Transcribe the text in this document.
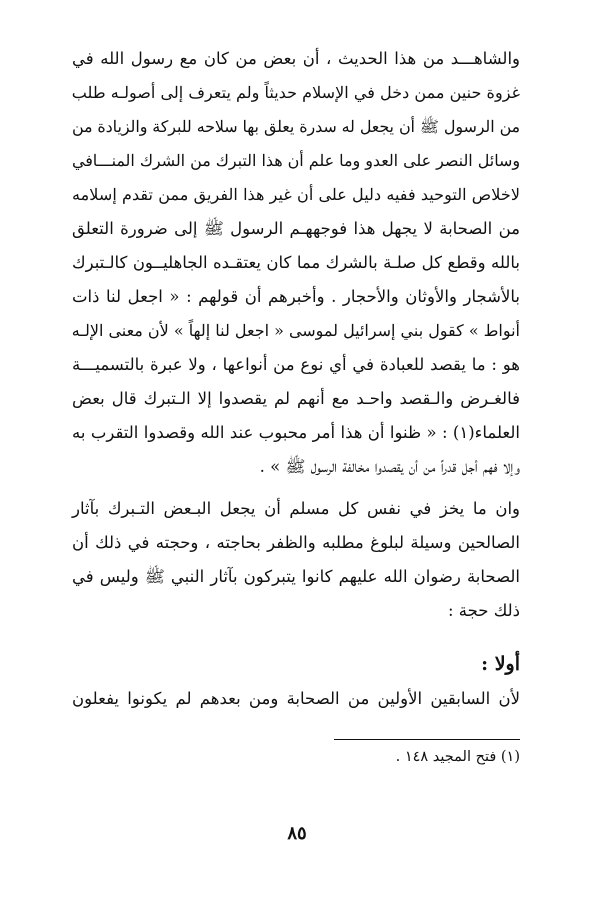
والشاهـــد من هذا الحديث ، أن بعض من كان مع رسول الله في
غزوة حنين ممن دخل في الإسلام حديثاً ولم يتعرف إلى أصولـه طلب
من الرسول ﷺ أن يجعل له سدرة يعلق بها سلاحه للبركة والزيادة من
وسائل النصر على العدو وما علم أن هذا التبرك من الشرك المنـــافي
لاخلاص التوحيد ففيه دليل على أن غير هذا الفريق ممن تقدم إسلامه
من الصحابة لا يجهل هذا فوجههـم الرسول ﷺ إلى ضرورة التعلق
بالله وقطع كل صلـة بالشرك مما كان يعتقـده الجاهليــون كالـتبرك
بالأشجار والأوثان والأحجار . وأخبرهم أن قولهم : « اجعل لنا ذات
أنواط » كقول بني إسرائيل لموسى « اجعل لنا إلهاً » لأن معنى الإلـه
هو : ما يقصد للعبادة في أي نوع من أنواعها ، ولا عبرة بالتسميـــة
فالغـرض والـقصد واحـد مع أنهم لم يقصدوا إلا الـتبرك قال بعض
العلماء(١) : « ظنوا أن هذا أمر محبوب عند الله وقصدوا التقرب به
وإلا فهم أجل قدراً من أن يقصدوا مخالفة الرسول ﷺ » .
وان ما يخز في نفس كل مسلم أن يجعل البـعض التـبرك بآثار
الصالحين وسيلة لبلوغ مطلبه والظفر بحاجته ، وحجته في ذلك أن
الصحابة رضوان الله عليهم كانوا يتبركون بآثار النبي ﷺ وليس في
ذلك حجة :
أولا :
لأن السابقين الأولين من الصحابة ومن بعدهم لم يكونوا يفعلون
(١) فتح المجيد ١٤٨ .
٨٥
